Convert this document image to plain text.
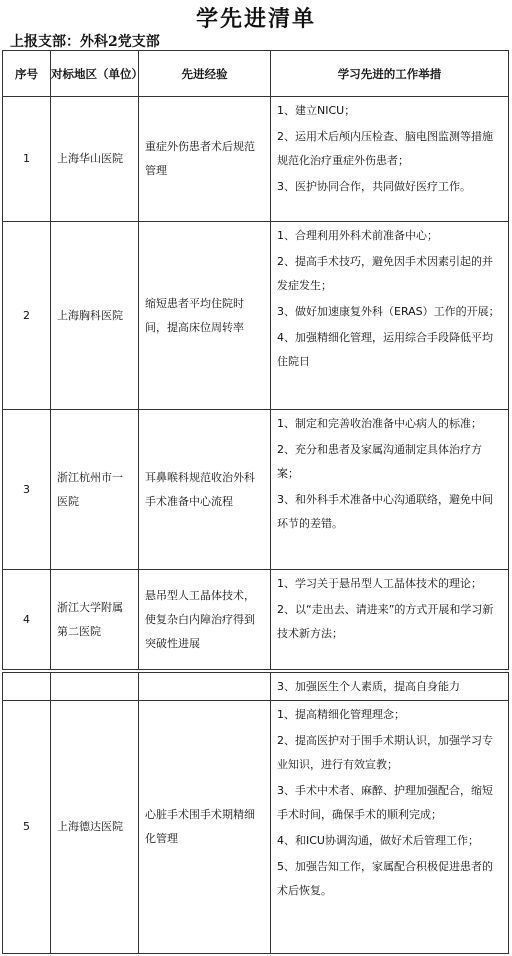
学先进清单
上报支部：外科2党支部
序号	对标地区（单位）	先进经验	学习先进的工作举措
1	上海华山医院	重症外伤患者术后规范管理	1、建立NICU；
2、运用术后颅内压检查、脑电图监测等措施规范化治疗重症外伤患者；
3、医护协同合作，共同做好医疗工作。

2	上海胸科医院	缩短患者平均住院时间，提高床位周转率	1、合理利用外科术前准备中心；
2、提高手术技巧，避免因手术因素引起的并发症发生；
3、做好加速康复外科（ERAS）工作的开展；
4、加强精细化管理，运用综合手段降低平均住院日

3	浙江杭州市一医院	耳鼻喉科规范收治外科手术准备中心流程	1、制定和完善收治准备中心病人的标准；
2、充分和患者及家属沟通制定具体治疗方案；
3、和外科手术准备中心沟通联络，避免中间环节的差错。

4	浙江大学附属第二医院	悬吊型人工晶体技术，使复杂白内障治疗得到突破性进展	1、学习关于悬吊型人工晶体技术的理论；
2、以“走出去、请进来”的方式开展和学习新技术新方法；

			3、加强医生个人素质，提高自身能力

5	上海德达医院	心脏手术围手术期精细化管理	1、提高精细化管理理念；
2、提高医护对于围手术期认识，加强学习专业知识，进行有效宣教；
3、手术中术者、麻醉、护理加强配合，缩短手术时间，确保手术的顺利完成；
4、和ICU协调沟通，做好术后管理工作；
5、加强告知工作，家属配合积极促进患者的术后恢复。
